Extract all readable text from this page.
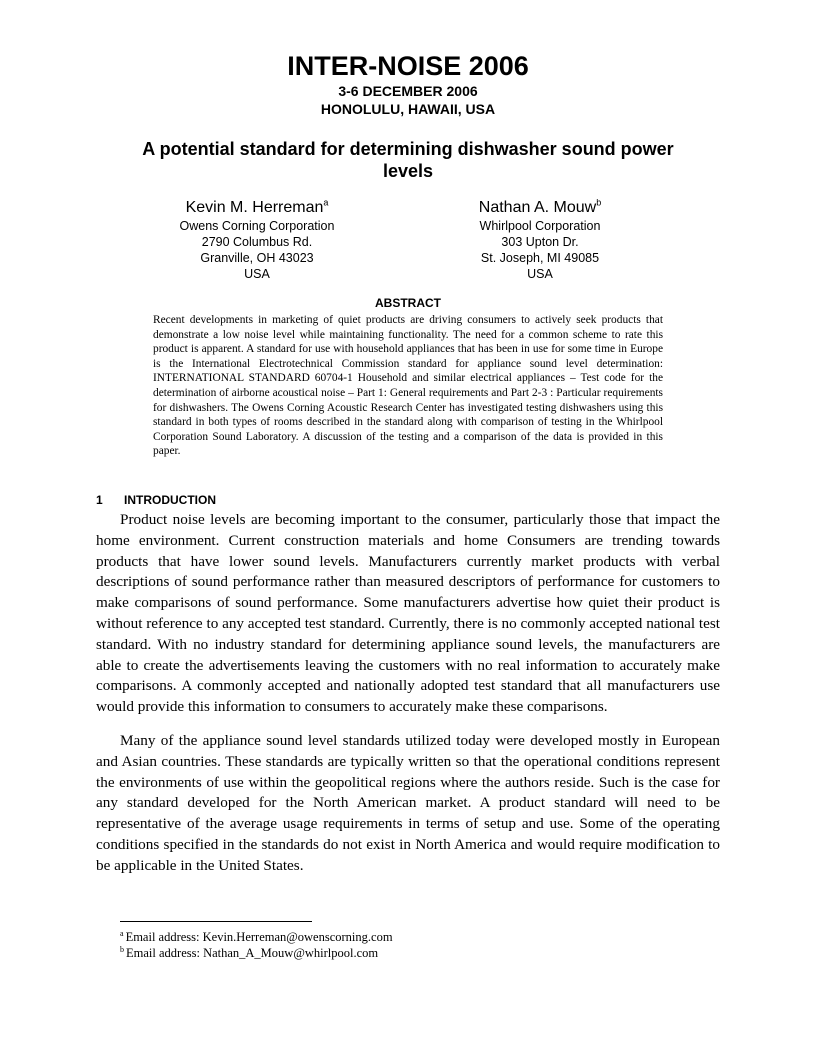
INTER-NOISE 2006
3-6 DECEMBER 2006
HONOLULU, HAWAII, USA
A potential standard for determining dishwasher sound power levels
Kevin M. Herreman$^a$
Owens Corning Corporation
2790 Columbus Rd.
Granville, OH 43023
USA
Nathan A. Mouw$^b$
Whirlpool Corporation
303 Upton Dr.
St. Joseph, MI 49085
USA
ABSTRACT
Recent developments in marketing of quiet products are driving consumers to actively seek products that demonstrate a low noise level while maintaining functionality. The need for a common scheme to rate this product is apparent. A standard for use with household appliances that has been in use for some time in Europe is the International Electrotechnical Commission standard for appliance sound level determination: INTERNATIONAL STANDARD 60704-1 Household and similar electrical appliances – Test code for the determination of airborne acoustical noise – Part 1: General requirements and Part 2-3 : Particular requirements for dishwashers. The Owens Corning Acoustic Research Center has investigated testing dishwashers using this standard in both types of rooms described in the standard along with comparison of testing in the Whirlpool Corporation Sound Laboratory. A discussion of the testing and a comparison of the data is provided in this paper.
1 INTRODUCTION

Product noise levels are becoming important to the consumer, particularly those that impact the home environment. Current construction materials and home Consumers are trending towards products that have lower sound levels. Manufacturers currently market products with verbal descriptions of sound performance rather than measured descriptors of performance for customers to make comparisons of sound performance. Some manufacturers advertise how quiet their product is without reference to any accepted test standard. Currently, there is no commonly accepted national test standard. With no industry standard for determining appliance sound levels, the manufacturers are able to create the advertisements leaving the customers with no real information to accurately make comparisons. A commonly accepted and nationally adopted test standard that all manufacturers use would provide this information to consumers to accurately make these comparisons.

Many of the appliance sound level standards utilized today were developed mostly in European and Asian countries. These standards are typically written so that the operational conditions represent the environments of use within the geopolitical regions where the authors reside. Such is the case for any standard developed for the North American market. A product standard will need to be representative of the average usage requirements in terms of setup and use. Some of the operating conditions specified in the standards do not exist in North America and would require modification to be applicable in the United States.

$^a$ Email address: Kevin.Herreman@owenscorning.com
$^b$ Email address: Nathan_A_Mouw@whirlpool.com
